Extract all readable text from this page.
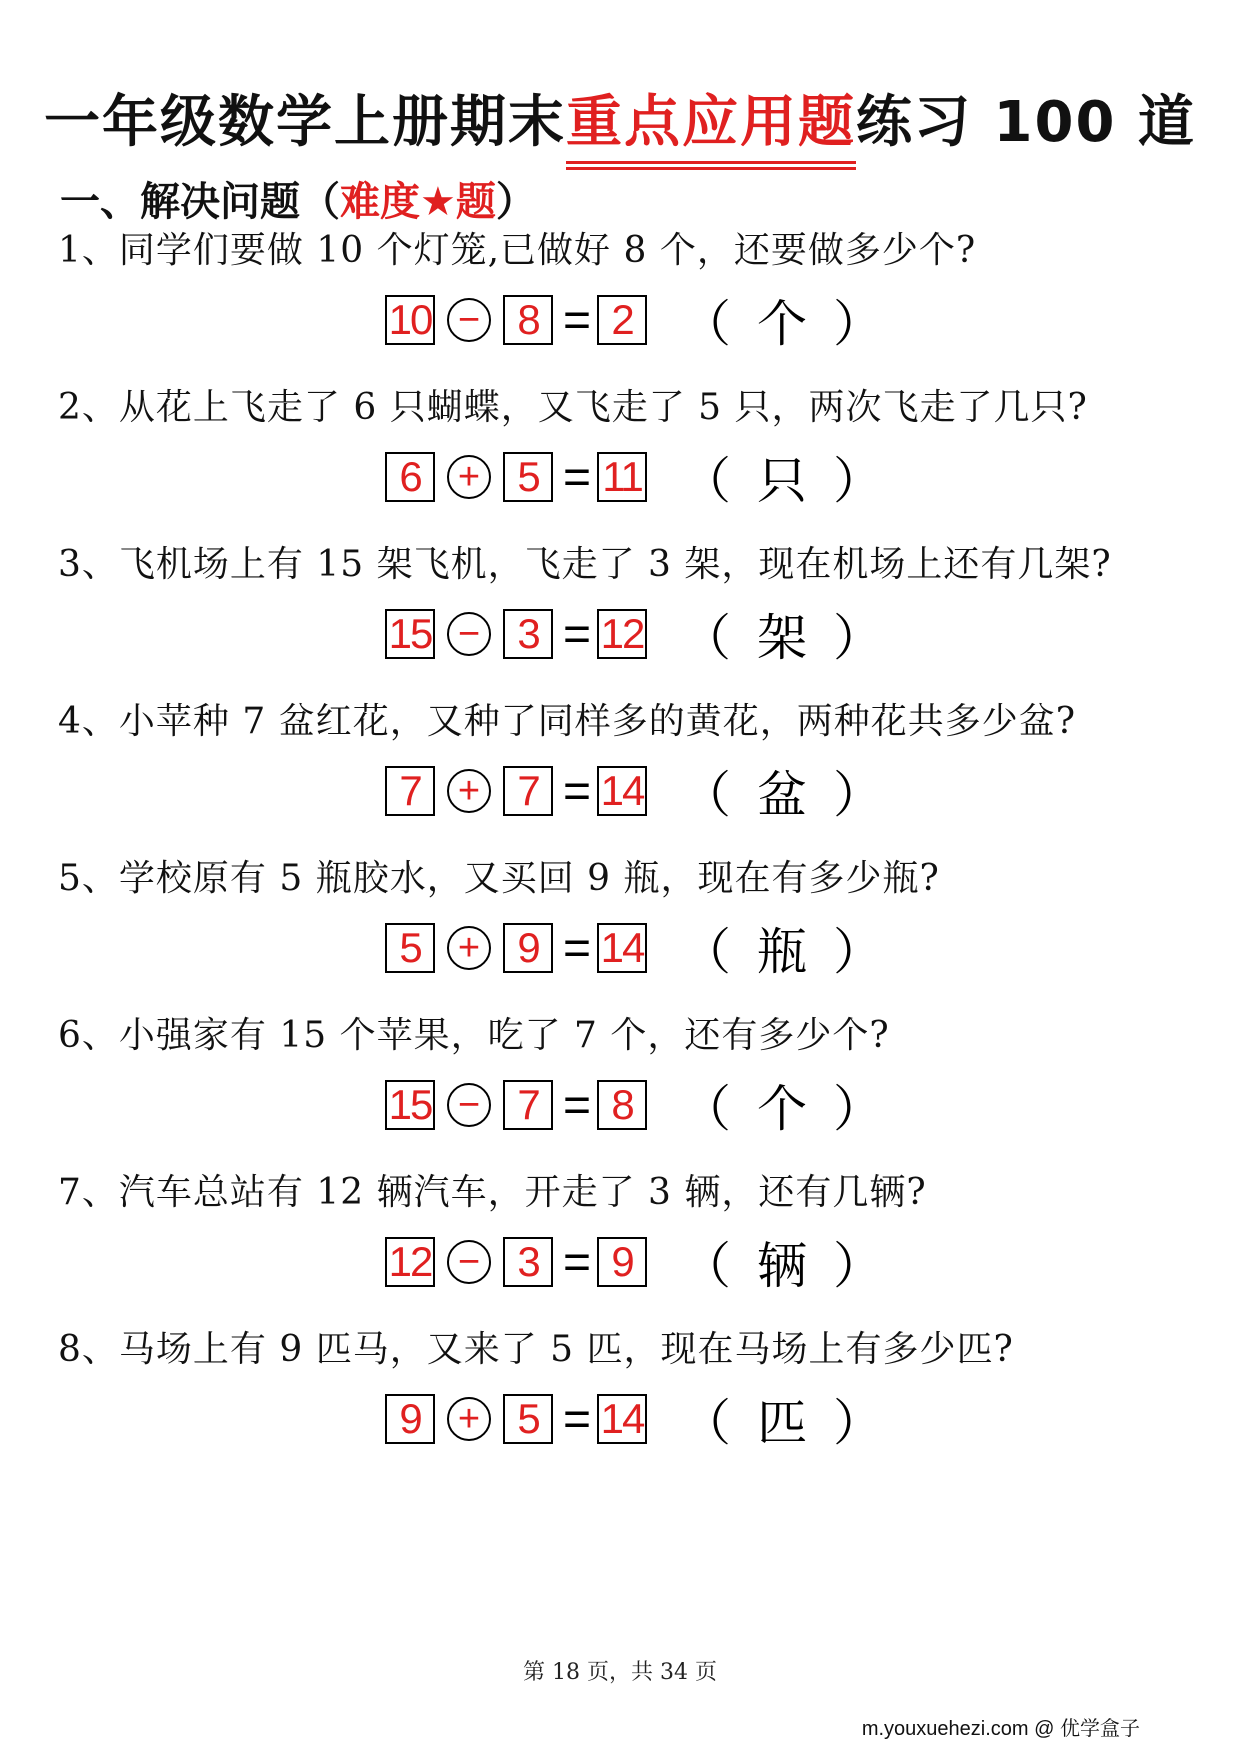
一年级数学上册期末重点应用题练习 100 道
一、解决问题（难度★题）
1、同学们要做 10 个灯笼,已做好 8 个，还要做多少个?
10 − 8 = 2 （个）
2、从花上飞走了 6 只蝴蝶，又飞走了 5 只，两次飞走了几只?
6 + 5 = 11 （只）
3、飞机场上有 15 架飞机，飞走了 3 架，现在机场上还有几架?
15 − 3 = 12 （架）
4、小苹种 7 盆红花，又种了同样多的黄花，两种花共多少盆?
7 + 7 = 14 （盆）
5、学校原有 5 瓶胶水，又买回 9 瓶，现在有多少瓶?
5 + 9 = 14 （瓶）
6、小强家有 15 个苹果，吃了 7 个，还有多少个?
15 − 7 = 8 （个）
7、汽车总站有 12 辆汽车，开走了 3 辆，还有几辆?
12 − 3 = 9 （辆）
8、马场上有 9 匹马，又来了 5 匹，现在马场上有多少匹?
9 + 5 = 14 （匹）
第 18 页，共 34 页
m.youxuehezi.com @ 优学盒子
